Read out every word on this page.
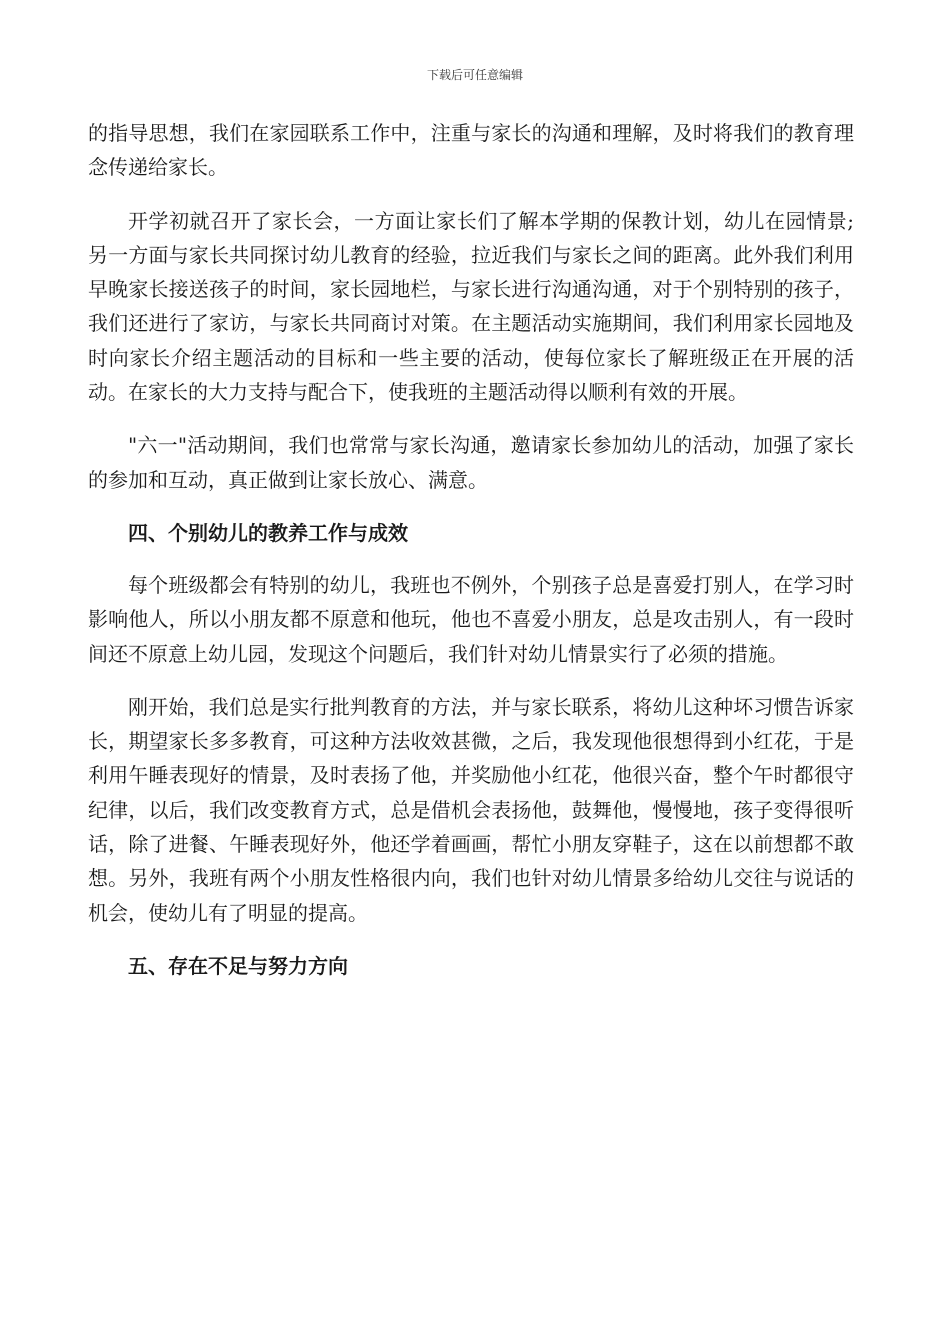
下载后可任意编辑

的指导思想，我们在家园联系工作中，注重与家长的沟通和理解，及时将我们的教育理念传递给家长。

开学初就召开了家长会，一方面让家长们了解本学期的保教计划，幼儿在园情景;另一方面与家长共同探讨幼儿教育的经验，拉近我们与家长之间的距离。此外我们利用早晚家长接送孩子的时间，家长园地栏，与家长进行沟通沟通，对于个别特别的孩子，我们还进行了家访，与家长共同商讨对策。在主题活动实施期间，我们利用家长园地及时向家长介绍主题活动的目标和一些主要的活动，使每位家长了解班级正在开展的活动。在家长的大力支持与配合下，使我班的主题活动得以顺利有效的开展。

"六一"活动期间，我们也常常与家长沟通，邀请家长参加幼儿的活动，加强了家长的参加和互动，真正做到让家长放心、满意。

四、个别幼儿的教养工作与成效

每个班级都会有特别的幼儿，我班也不例外，个别孩子总是喜爱打别人，在学习时影响他人，所以小朋友都不原意和他玩，他也不喜爱小朋友，总是攻击别人，有一段时间还不原意上幼儿园，发现这个问题后，我们针对幼儿情景实行了必须的措施。

刚开始，我们总是实行批判教育的方法，并与家长联系，将幼儿这种坏习惯告诉家长，期望家长多多教育，可这种方法收效甚微，之后，我发现他很想得到小红花，于是利用午睡表现好的情景，及时表扬了他，并奖励他小红花，他很兴奋，整个午时都很守纪律，以后，我们改变教育方式，总是借机会表扬他，鼓舞他，慢慢地，孩子变得很听话，除了进餐、午睡表现好外，他还学着画画，帮忙小朋友穿鞋子，这在以前想都不敢想。另外，我班有两个小朋友性格很内向，我们也针对幼儿情景多给幼儿交往与说话的机会，使幼儿有了明显的提高。

五、存在不足与努力方向
